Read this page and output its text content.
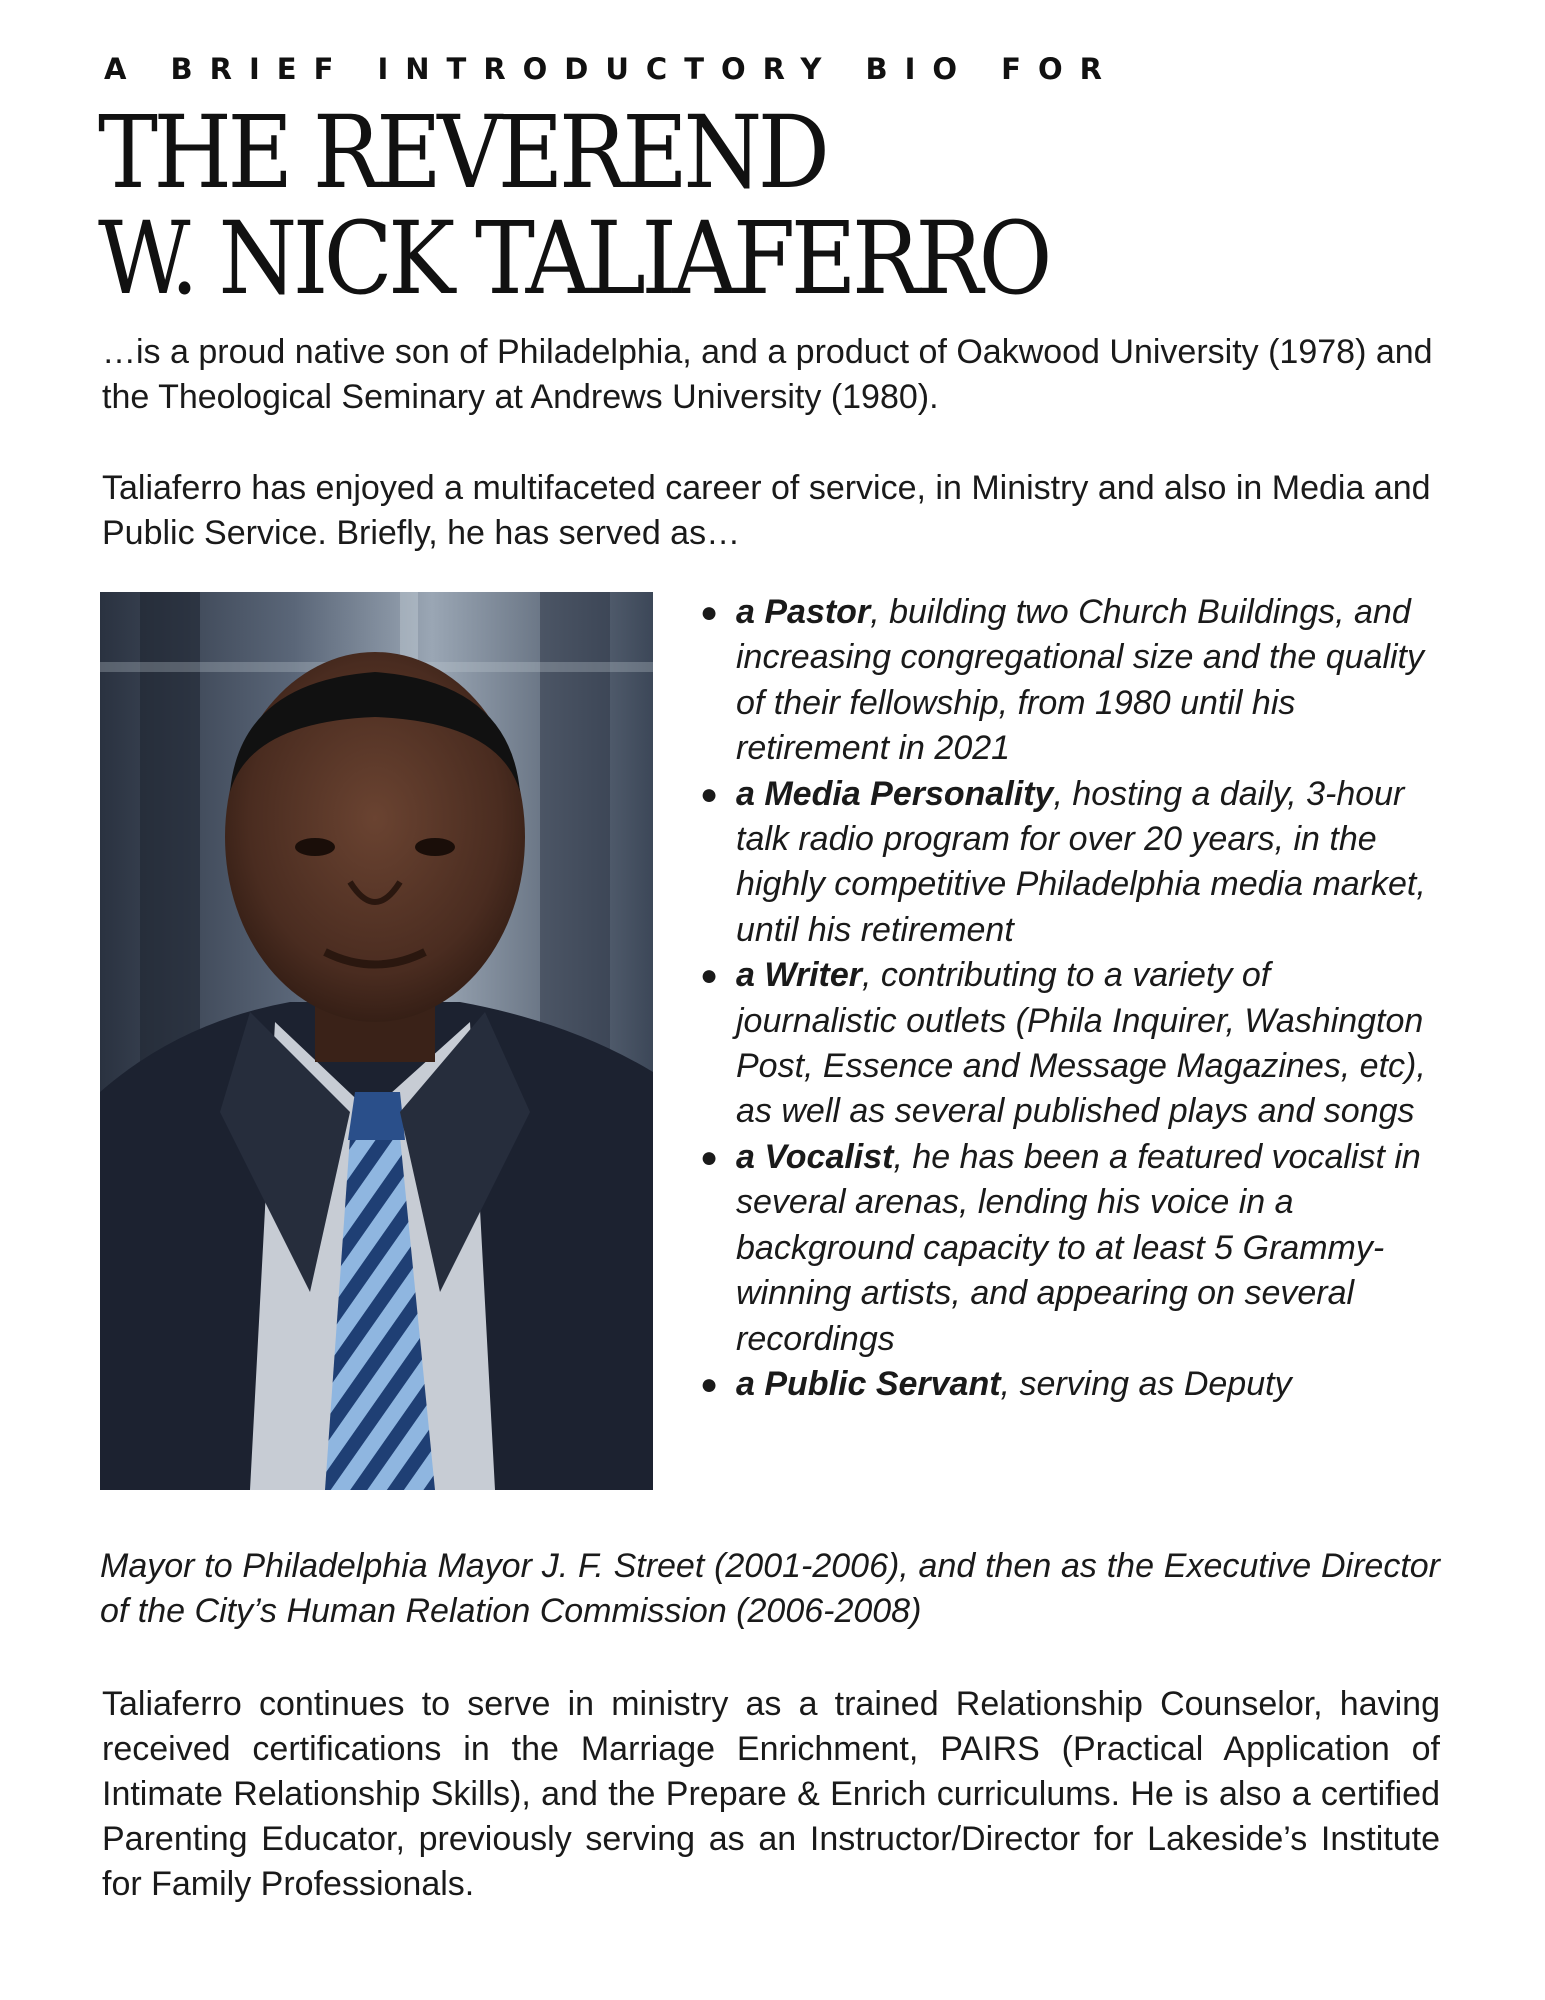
A BRIEF INTRODUCTORY BIO FOR
THE REVEREND
W. NICK TALIAFERRO

…is a proud native son of Philadelphia, and a product of Oakwood University (1978) and the Theological Seminary at Andrews University (1980).

Taliaferro has enjoyed a multifaceted career of service, in Ministry and also in Media and Public Service. Briefly, he has served as…

● a Pastor, building two Church Buildings, and increasing congregational size and the quality of their fellowship, from 1980 until his retirement in 2021
● a Media Personality, hosting a daily, 3-hour talk radio program for over 20 years, in the highly competitive Philadelphia media market, until his retirement
● a Writer, contributing to a variety of journalistic outlets (Phila Inquirer, Washington Post, Essence and Message Magazines, etc), as well as several published plays and songs
● a Vocalist, he has been a featured vocalist in several arenas, lending his voice in a background capacity to at least 5 Grammy-winning artists, and appearing on several recordings
● a Public Servant, serving as Deputy

Mayor to Philadelphia Mayor J. F. Street (2001-2006), and then as the Executive Director of the City’s Human Relation Commission (2006-2008)

Taliaferro continues to serve in ministry as a trained Relationship Counselor, having received certifications in the Marriage Enrichment, PAIRS (Practical Application of Intimate Relationship Skills), and the Prepare & Enrich curriculums. He is also a certified Parenting Educator, previously serving as an Instructor/Director for Lakeside’s Institute for Family Professionals.
